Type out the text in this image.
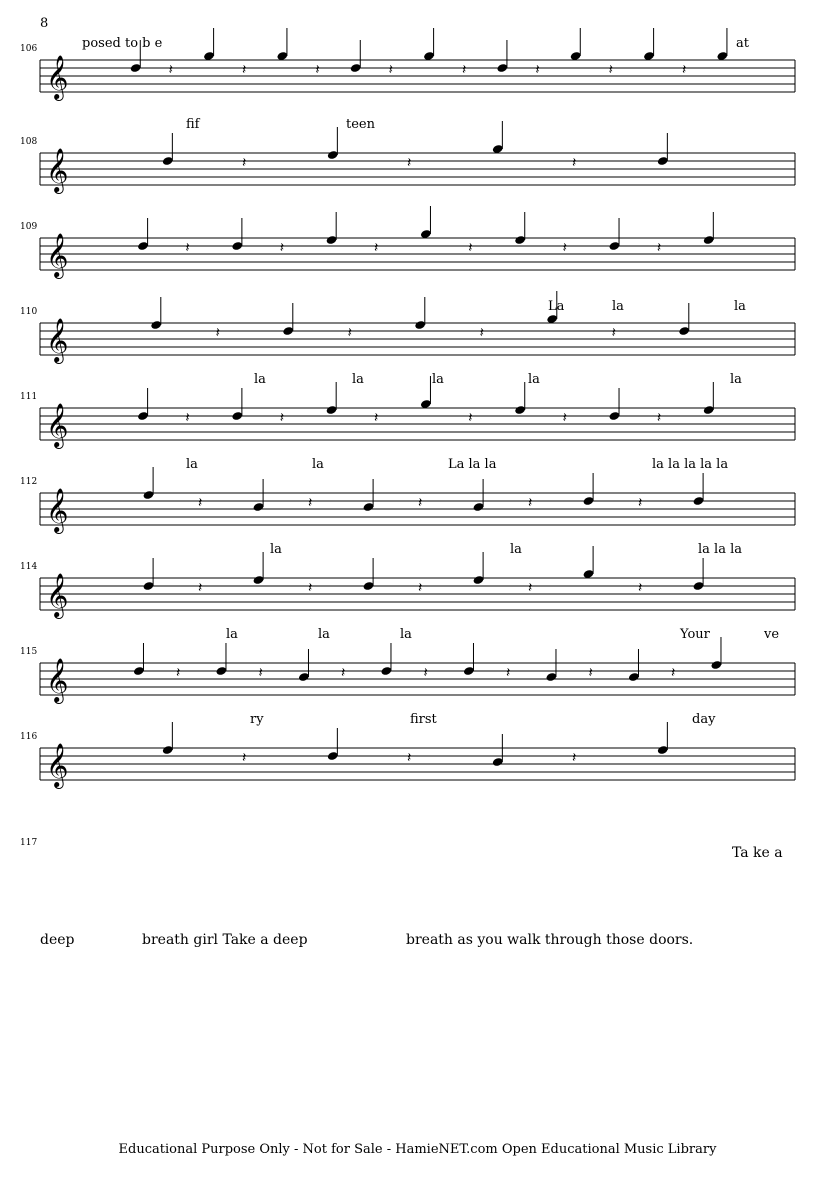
8
106	posed to b e	at
𝄞	𝄽	𝄽	𝄽	𝄽	𝄽	𝄽	𝄽	𝄽
108
fif	teen
𝄞	𝄽	𝄽	𝄽
109
𝄞	𝄽	𝄽	𝄽	𝄽	𝄽	𝄽
110	La	la	la
𝄞	𝄽	𝄽	𝄽	𝄽
111
la	la	la	la	la
𝄞	𝄽	𝄽	𝄽	𝄽	𝄽	𝄽
112
la	la	La la la	la la la la la
𝄞	𝄽	𝄽	𝄽	𝄽	𝄽
114
la	la	la la la
𝄞	𝄽	𝄽	𝄽	𝄽	𝄽
115
la	la	la	Your	ve
𝄞	𝄽	𝄽	𝄽	𝄽	𝄽	𝄽	𝄽
116
ry	first	day
𝄞	𝄽	𝄽	𝄽
117
Ta ke a
deep	breath girl Take a deep	breath as you walk through those doors.
Educational Purpose Only - Not for Sale - HamieNET.com Open Educational Music Library
